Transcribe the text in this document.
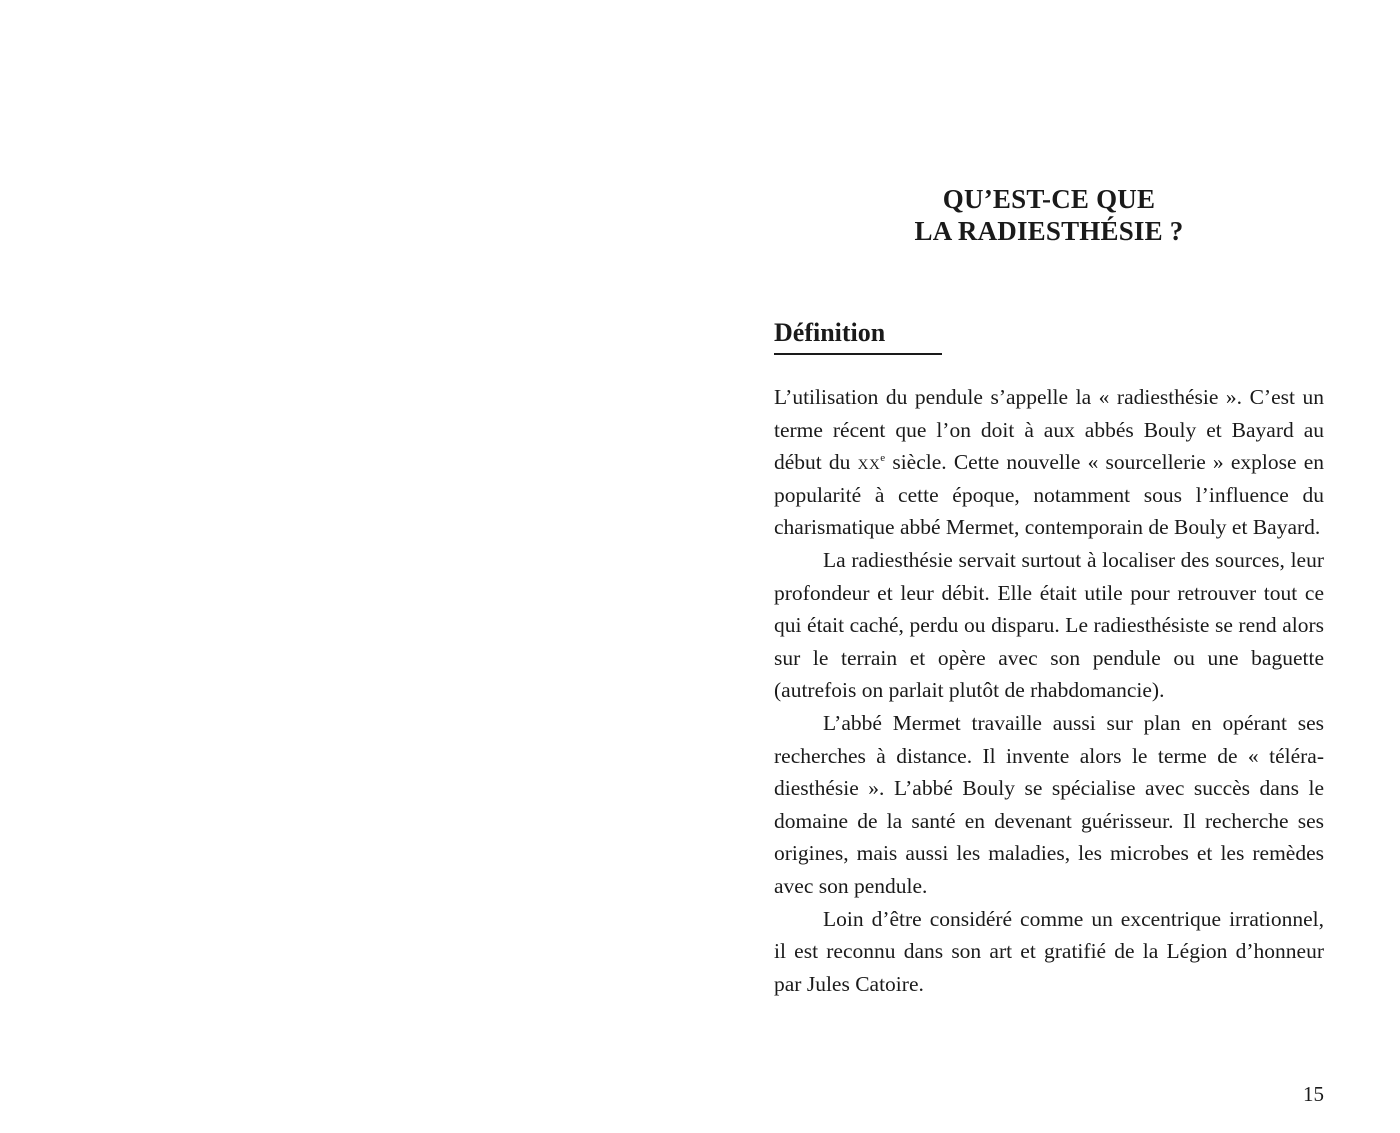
QU’EST-CE QUE
LA RADIESTHÉSIE ?
Définition

L’utilisation du pendule s’appelle la « radiesthésie ». C’est un terme récent que l’on doit à aux abbés Bouly et Bayard au début du $xx^e$ siècle. Cette nouvelle « sourcellerie » explose en popularité à cette époque, notamment sous l’influence du charismatique abbé Mermet, contemporain de Bouly et Bayard.

La radiesthésie servait surtout à localiser des sources, leur profondeur et leur débit. Elle était utile pour retrouver tout ce qui était caché, perdu ou disparu. Le radiesthésiste se rend alors sur le terrain et opère avec son pendule ou une baguette (autrefois on parlait plutôt de rhabdomancie).

L’abbé Mermet travaille aussi sur plan en opérant ses recherches à distance. Il invente alors le terme de « téléradiesthésie ». L’abbé Bouly se spécialise avec succès dans le domaine de la santé en devenant guérisseur. Il recherche ses origines, mais aussi les maladies, les microbes et les remèdes avec son pendule.

Loin d’être considéré comme un excentrique irrationnel, il est reconnu dans son art et gratifié de la Légion d’honneur par Jules Catoire.

15
